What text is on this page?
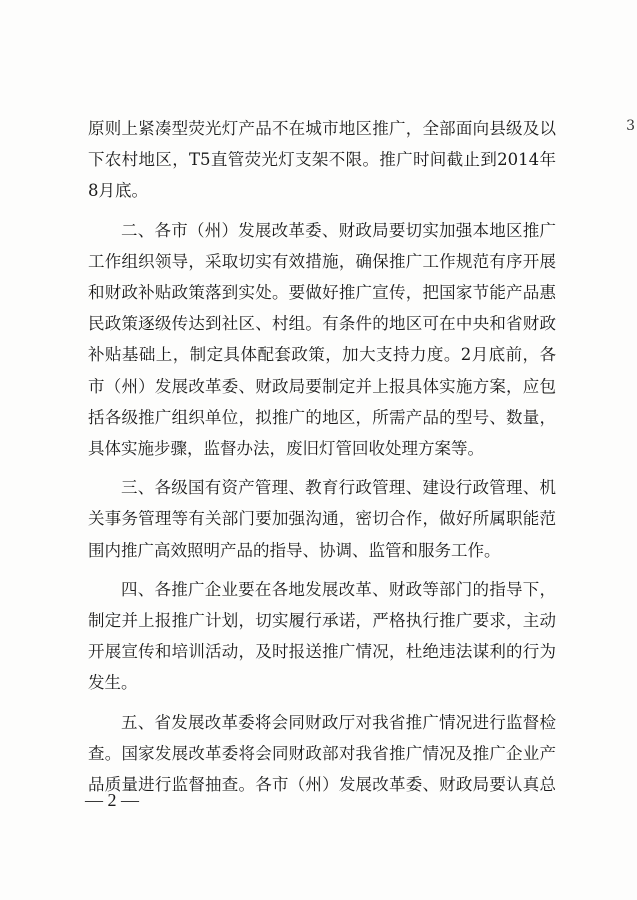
3

原则上紧凑型荧光灯产品不在城市地区推广，全部面向县级及以
下农村地区，T5直管荧光灯支架不限。推广时间截止到2014年
8月底。

二、各市（州）发展改革委、财政局要切实加强本地区推广
工作组织领导，采取切实有效措施，确保推广工作规范有序开展
和财政补贴政策落到实处。要做好推广宣传，把国家节能产品惠
民政策逐级传达到社区、村组。有条件的地区可在中央和省财政
补贴基础上，制定具体配套政策，加大支持力度。2月底前，各
市（州）发展改革委、财政局要制定并上报具体实施方案，应包
括各级推广组织单位，拟推广的地区，所需产品的型号、数量，
具体实施步骤，监督办法，废旧灯管回收处理方案等。

三、各级国有资产管理、教育行政管理、建设行政管理、机
关事务管理等有关部门要加强沟通，密切合作，做好所属职能范
围内推广高效照明产品的指导、协调、监管和服务工作。

四、各推广企业要在各地发展改革、财政等部门的指导下，
制定并上报推广计划，切实履行承诺，严格执行推广要求，主动
开展宣传和培训活动，及时报送推广情况，杜绝违法谋利的行为
发生。

五、省发展改革委将会同财政厅对我省推广情况进行监督检
查。国家发展改革委将会同财政部对我省推广情况及推广企业产
品质量进行监督抽查。各市（州）发展改革委、财政局要认真总

— 2 —
